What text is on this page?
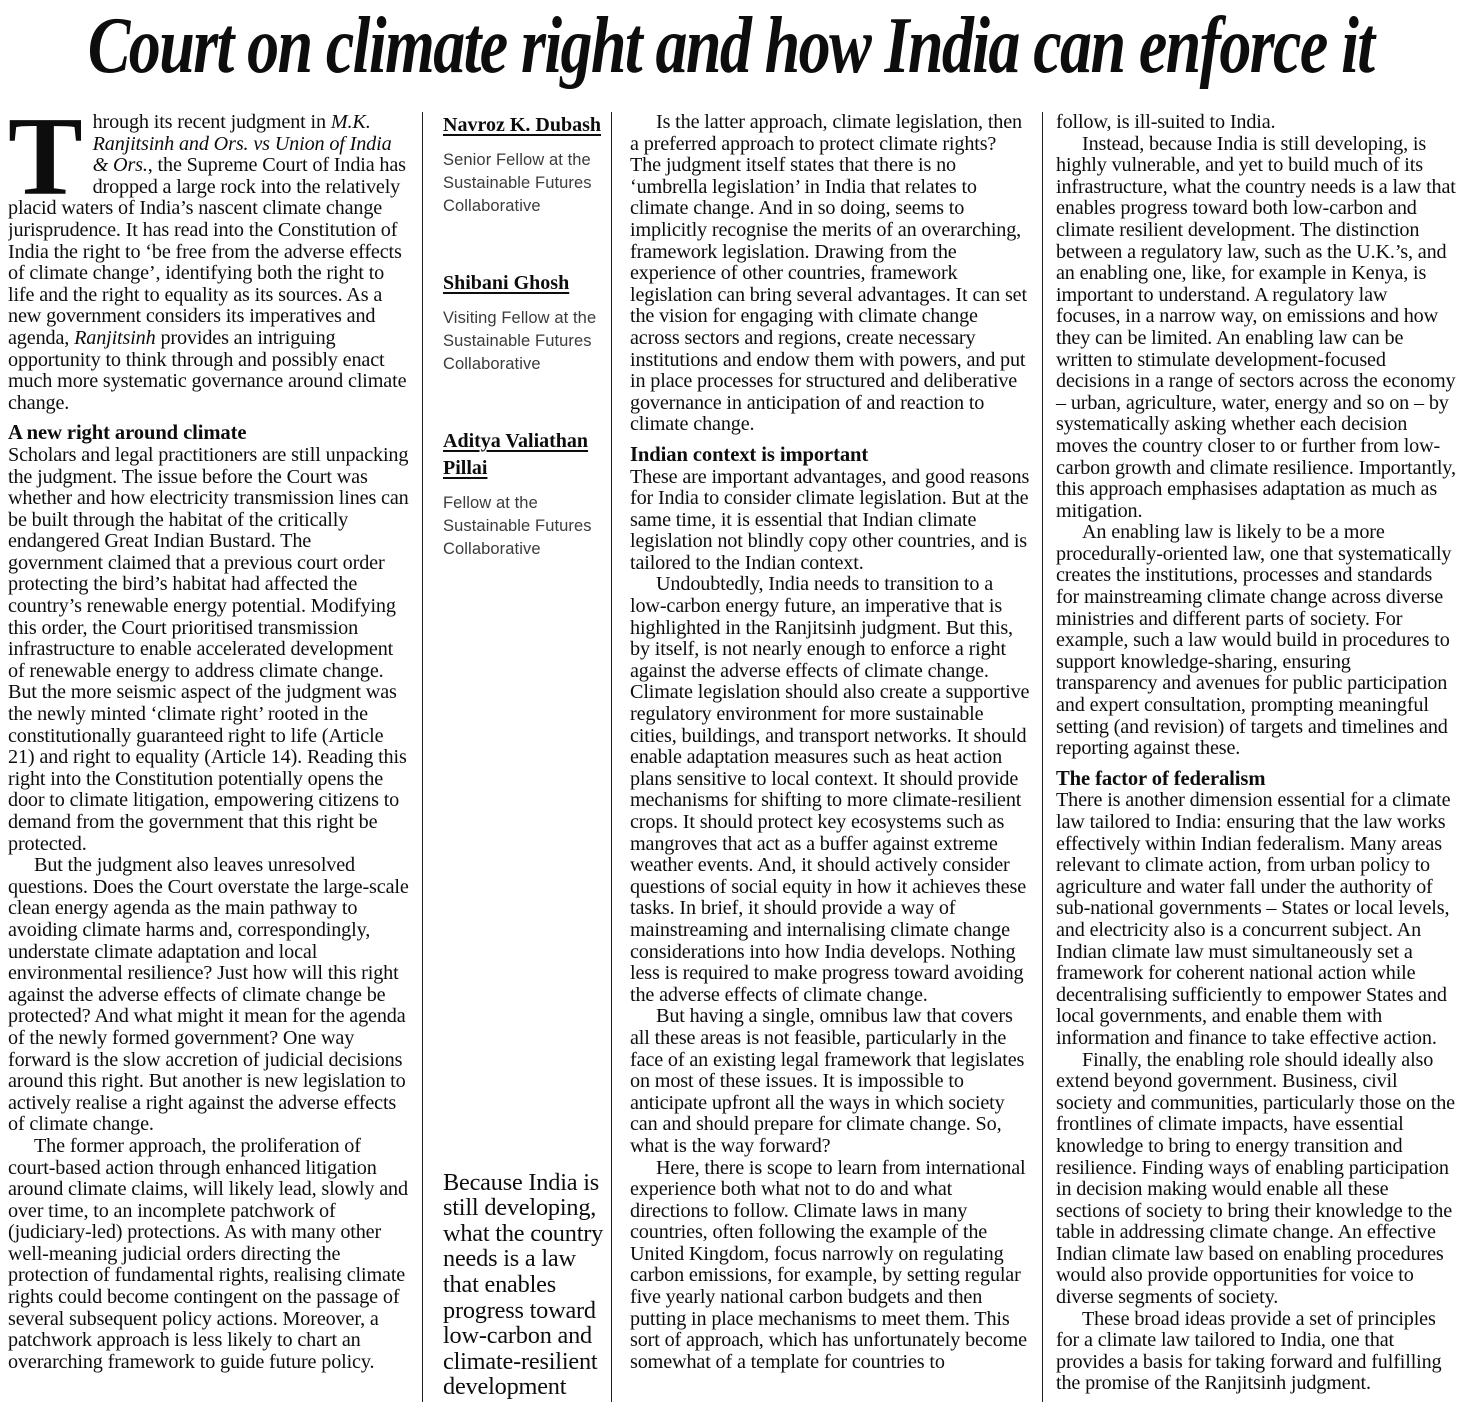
Court on climate right and how India can enforce it

Through its recent judgment in M.K. Ranjitsinh and Ors. vs Union of India & Ors., the Supreme Court of India has dropped a large rock into the relatively placid waters of India’s nascent climate change jurisprudence. It has read into the Constitution of India the right to ‘be free from the adverse effects of climate change’, identifying both the right to life and the right to equality as its sources. As a new government considers its imperatives and agenda, Ranjitsinh provides an intriguing opportunity to think through and possibly enact much more systematic governance around climate change.

A new right around climate

Scholars and legal practitioners are still unpacking the judgment. The issue before the Court was whether and how electricity transmission lines can be built through the habitat of the critically endangered Great Indian Bustard. The government claimed that a previous court order protecting the bird’s habitat had affected the country’s renewable energy potential. Modifying this order, the Court prioritised transmission infrastructure to enable accelerated development of renewable energy to address climate change. But the more seismic aspect of the judgment was the newly minted ‘climate right’ rooted in the constitutionally guaranteed right to life (Article 21) and right to equality (Article 14). Reading this right into the Constitution potentially opens the door to climate litigation, empowering citizens to demand from the government that this right be protected.

But the judgment also leaves unresolved questions. Does the Court overstate the large-scale clean energy agenda as the main pathway to avoiding climate harms and, correspondingly, understate climate adaptation and local environmental resilience? Just how will this right against the adverse effects of climate change be protected? And what might it mean for the agenda of the newly formed government? One way forward is the slow accretion of judicial decisions around this right. But another is new legislation to actively realise a right against the adverse effects of climate change.

The former approach, the proliferation of court-based action through enhanced litigation around climate claims, will likely lead, slowly and over time, to an incomplete patchwork of (judiciary-led) protections. As with many other well-meaning judicial orders directing the protection of fundamental rights, realising climate rights could become contingent on the passage of several subsequent policy actions. Moreover, a patchwork approach is less likely to chart an overarching framework to guide future policy.

Navroz K. Dubash
Senior Fellow at the Sustainable Futures Collaborative
Shibani Ghosh
Visiting Fellow at the Sustainable Futures Collaborative
Aditya Valiathan Pillai
Fellow at the Sustainable Futures Collaborative
Because India is still developing, what the country needs is a law that enables progress toward low-carbon and climate-resilient development

Is the latter approach, climate legislation, then a preferred approach to protect climate rights? The judgment itself states that there is no ‘umbrella legislation’ in India that relates to climate change. And in so doing, seems to implicitly recognise the merits of an overarching, framework legislation. Drawing from the experience of other countries, framework legislation can bring several advantages. It can set the vision for engaging with climate change across sectors and regions, create necessary institutions and endow them with powers, and put in place processes for structured and deliberative governance in anticipation of and reaction to climate change.

Indian context is important

These are important advantages, and good reasons for India to consider climate legislation. But at the same time, it is essential that Indian climate legislation not blindly copy other countries, and is tailored to the Indian context.

Undoubtedly, India needs to transition to a low-carbon energy future, an imperative that is highlighted in the Ranjitsinh judgment. But this, by itself, is not nearly enough to enforce a right against the adverse effects of climate change. Climate legislation should also create a supportive regulatory environment for more sustainable cities, buildings, and transport networks. It should enable adaptation measures such as heat action plans sensitive to local context. It should provide mechanisms for shifting to more climate-resilient crops. It should protect key ecosystems such as mangroves that act as a buffer against extreme weather events. And, it should actively consider questions of social equity in how it achieves these tasks. In brief, it should provide a way of mainstreaming and internalising climate change considerations into how India develops. Nothing less is required to make progress toward avoiding the adverse effects of climate change.

But having a single, omnibus law that covers all these areas is not feasible, particularly in the face of an existing legal framework that legislates on most of these issues. It is impossible to anticipate upfront all the ways in which society can and should prepare for climate change. So, what is the way forward?

Here, there is scope to learn from international experience both what not to do and what directions to follow. Climate laws in many countries, often following the example of the United Kingdom, focus narrowly on regulating carbon emissions, for example, by setting regular five yearly national carbon budgets and then putting in place mechanisms to meet them. This sort of approach, which has unfortunately become somewhat of a template for countries to

follow, is ill-suited to India.

Instead, because India is still developing, is highly vulnerable, and yet to build much of its infrastructure, what the country needs is a law that enables progress toward both low-carbon and climate resilient development. The distinction between a regulatory law, such as the U.K.’s, and an enabling one, like, for example in Kenya, is important to understand. A regulatory law focuses, in a narrow way, on emissions and how they can be limited. An enabling law can be written to stimulate development-focused decisions in a range of sectors across the economy – urban, agriculture, water, energy and so on – by systematically asking whether each decision moves the country closer to or further from low-carbon growth and climate resilience. Importantly, this approach emphasises adaptation as much as mitigation.

An enabling law is likely to be a more procedurally-oriented law, one that systematically creates the institutions, processes and standards for mainstreaming climate change across diverse ministries and different parts of society. For example, such a law would build in procedures to support knowledge-sharing, ensuring transparency and avenues for public participation and expert consultation, prompting meaningful setting (and revision) of targets and timelines and reporting against these.

The factor of federalism

There is another dimension essential for a climate law tailored to India: ensuring that the law works effectively within Indian federalism. Many areas relevant to climate action, from urban policy to agriculture and water fall under the authority of sub-national governments – States or local levels, and electricity also is a concurrent subject. An Indian climate law must simultaneously set a framework for coherent national action while decentralising sufficiently to empower States and local governments, and enable them with information and finance to take effective action.

Finally, the enabling role should ideally also extend beyond government. Business, civil society and communities, particularly those on the frontlines of climate impacts, have essential knowledge to bring to energy transition and resilience. Finding ways of enabling participation in decision making would enable all these sections of society to bring their knowledge to the table in addressing climate change. An effective Indian climate law based on enabling procedures would also provide opportunities for voice to diverse segments of society.

These broad ideas provide a set of principles for a climate law tailored to India, one that provides a basis for taking forward and fulfilling the promise of the Ranjitsinh judgment.
